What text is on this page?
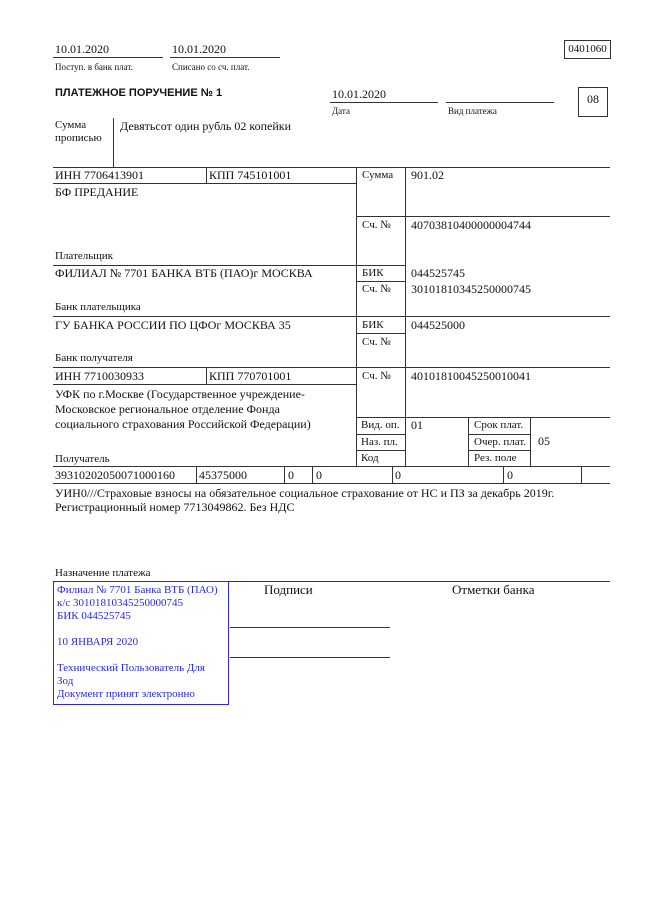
10.01.2020
Поступ. в банк плат.
10.01.2020
Списано со сч. плат.
0401060
ПЛАТЕЖНОЕ ПОРУЧЕНИЕ № 1	10.01.2020
Дата	Вид платежа
08
Сумма
прописью
Девятьсот один рубль 02 копейки
ИНН 7706413901	КПП 745101001	Сумма 901.02
БФ ПРЕДАНИЕ
Сч. № 40703810400000004744
Плательщик
ФИЛИАЛ № 7701 БАНКА ВТБ (ПАО)г МОСКВА	БИК 044525745
Сч. № 30101810345250000745
Банк плательщика
ГУ БАНКА РОССИИ ПО ЦФОг МОСКВА 35	БИК 044525000
Сч. №
Банк получателя
ИНН 7710030933	КПП 770701001	Сч. № 40101810045250010041
УФК по г.Москве (Государственное учреждение-
Московское региональное отделение Фонда
социального страхования Российской Федерации)
Получатель
Вид. оп. 01
Наз. пл.
Код
Срок плат.
Очер. плат. 05
Рез. поле
39310202050071000160 45375000	0 0	0	0
УИН0///Страховые взносы на обязательное социальное страхование от НС и ПЗ за декабрь 2019г.
Регистрационный номер 7713049862. Без НДС
Назначение платежа
Филиал № 7701 Банка ВТБ (ПАО)
к/с 30101810345250000745
БИК 044525745
10 ЯНВАРЯ 2020
Технический Пользователь Для
Зод
Документ принят электронно
Подписи	Отметки банка
